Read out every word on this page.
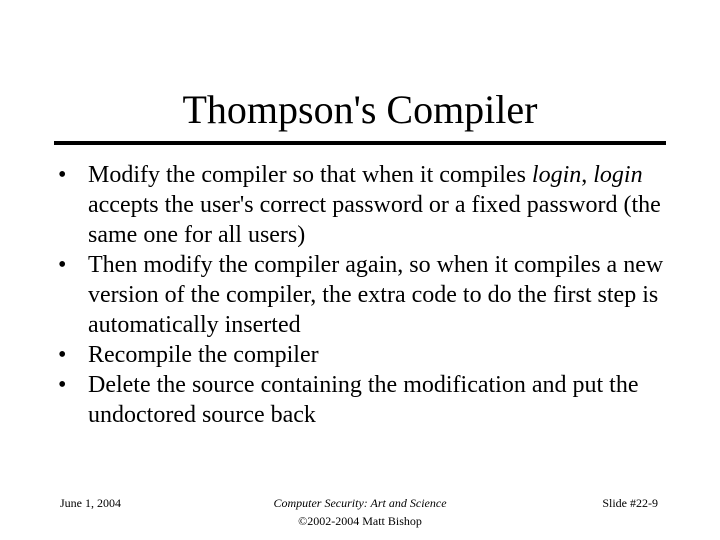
Thompson's Compiler
• Modify the compiler so that when it compiles login, login accepts the user's correct password or a fixed password (the same one for all users)
• Then modify the compiler again, so when it compiles a new version of the compiler, the extra code to do the first step is automatically inserted
• Recompile the compiler
• Delete the source containing the modification and put the undoctored source back
June 1, 2004	Computer Security: Art and Science
©2002-2004 Matt Bishop
Slide #22-9
